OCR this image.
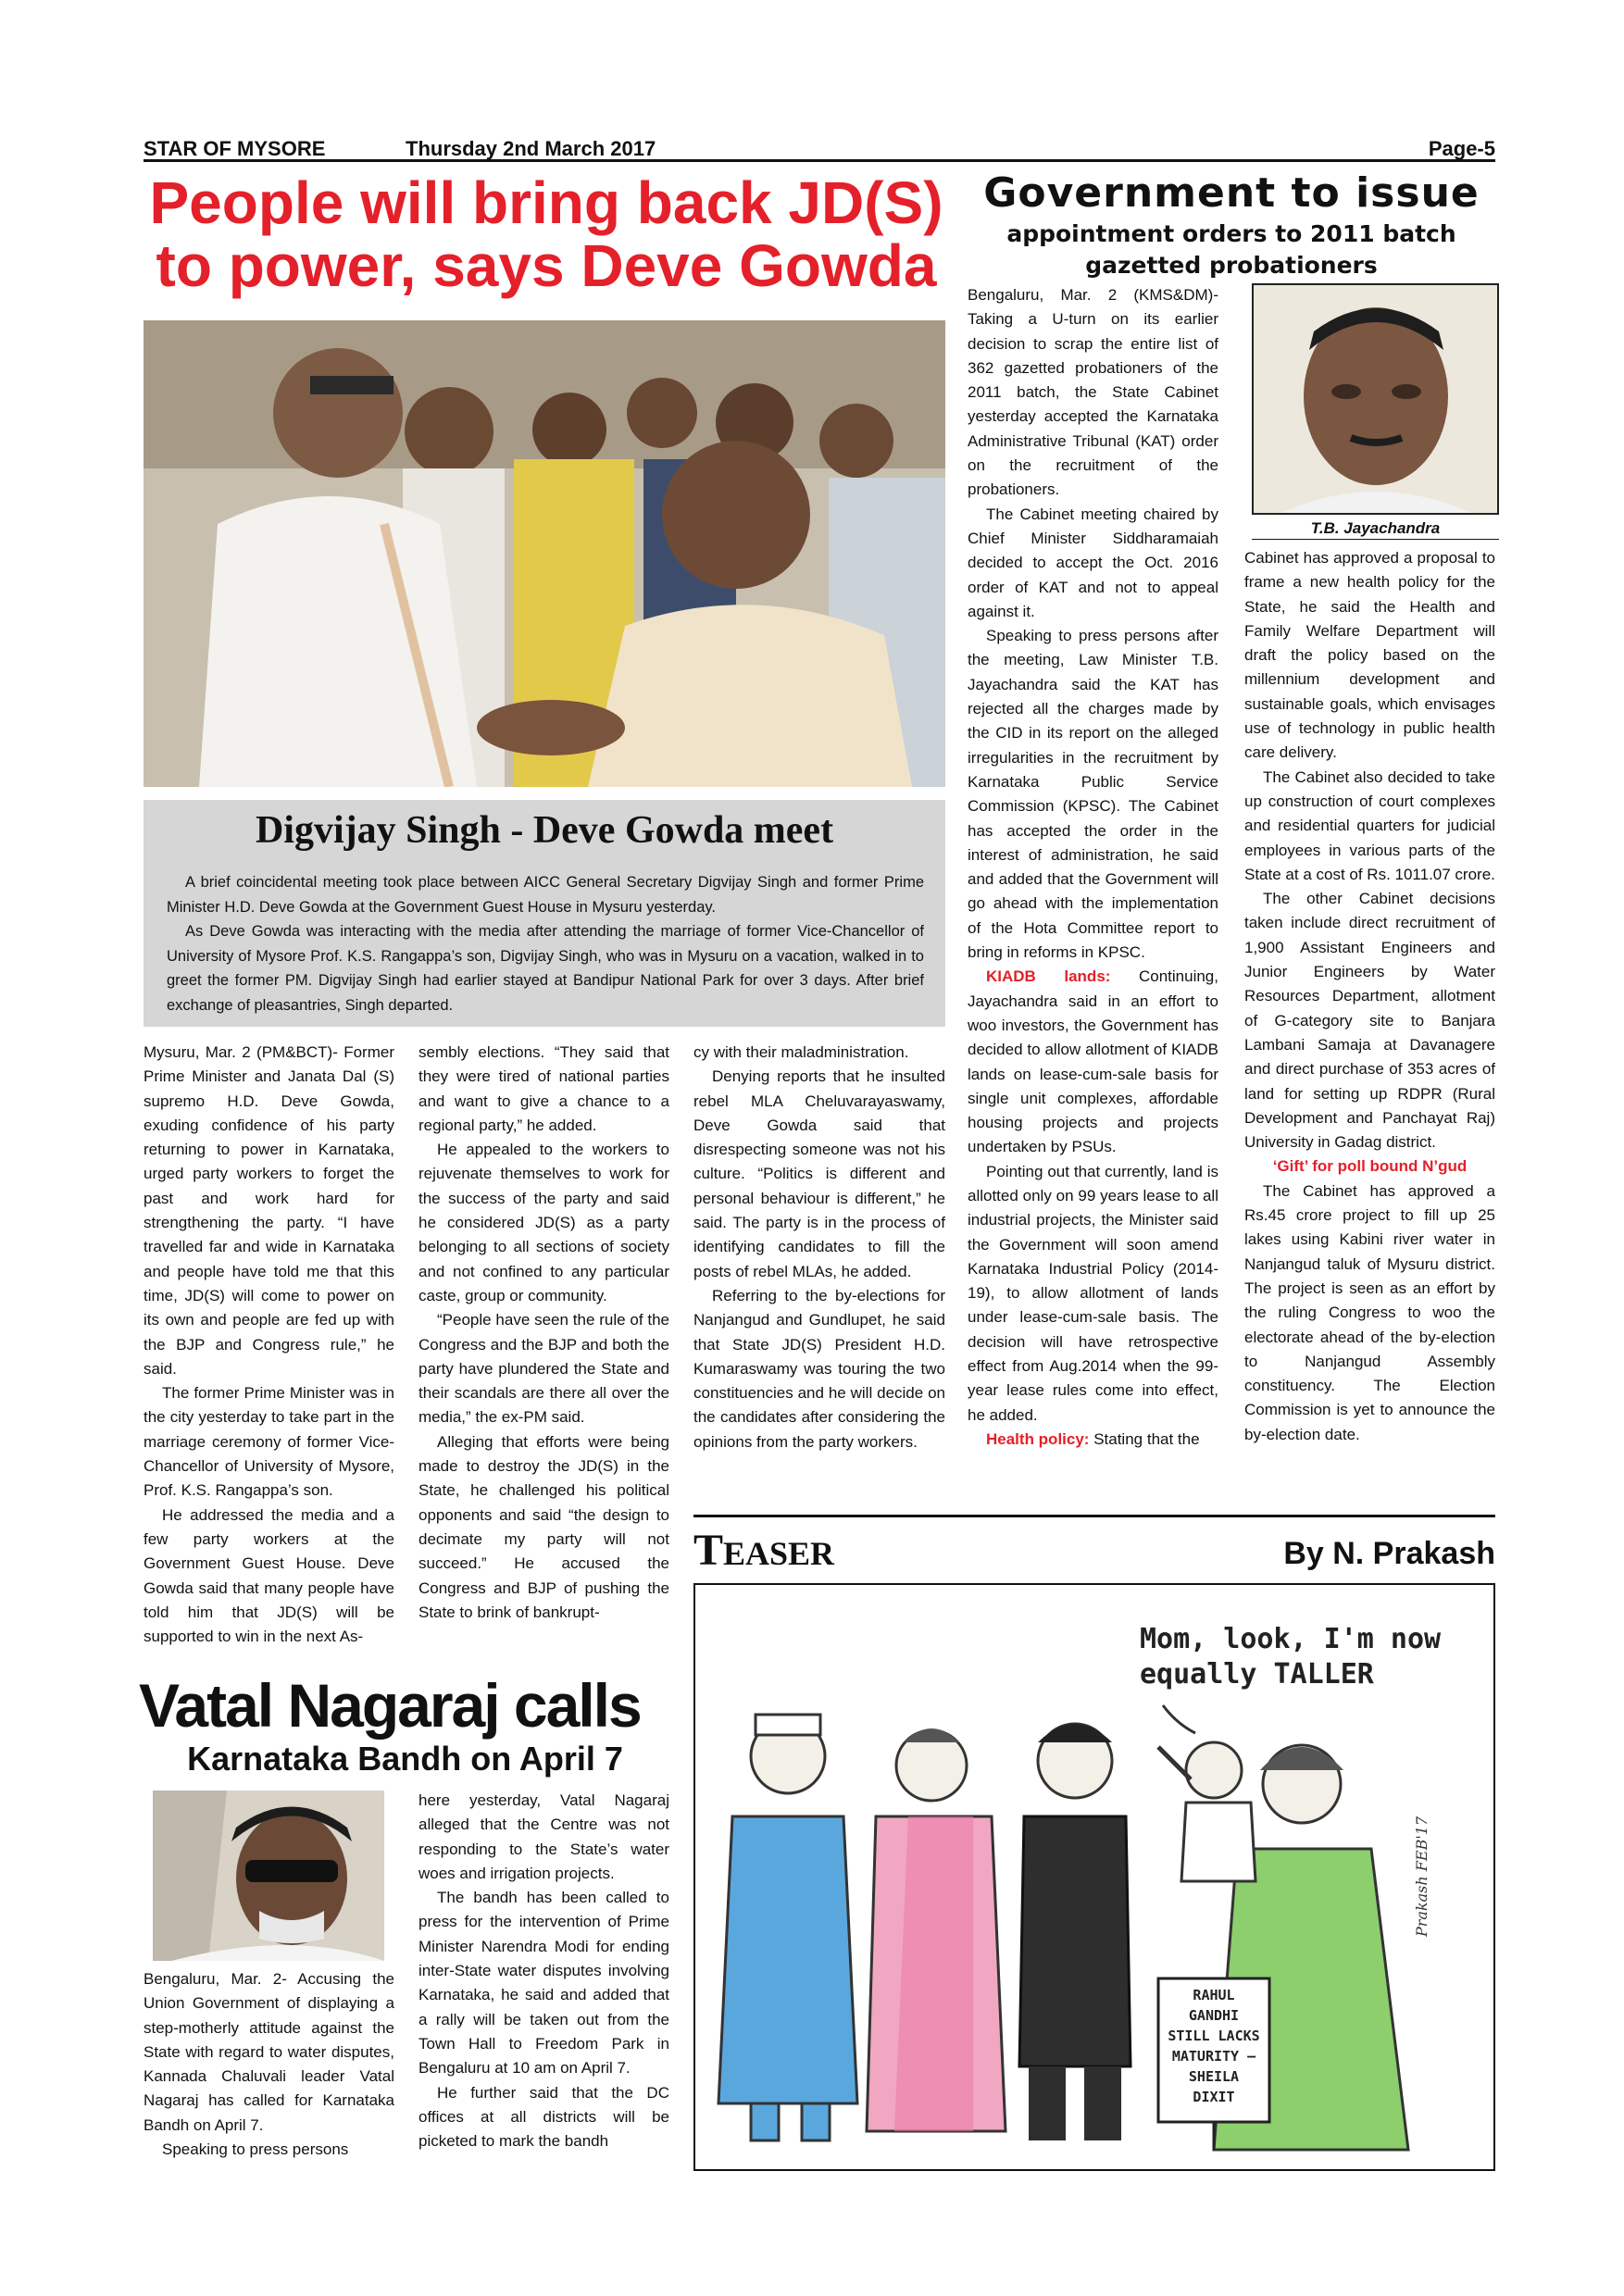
STAR OF MYSORE	Thursday 2nd March 2017	Page-5
People will bring back JD(S)
to power, says Deve Gowda
Digvijay Singh - Deve Gowda meet

A brief coincidental meeting took place between AICC General Secretary Digvijay Singh and former Prime Minister H.D. Deve Gowda at the Government Guest House in Mysuru yesterday.

As Deve Gowda was interacting with the media after attending the marriage of former Vice-Chancellor of University of Mysore Prof. K.S. Rangappa’s son, Digvijay Singh, who was in Mysuru on a vacation, walked in to greet the former PM. Digvijay Singh had earlier stayed at Bandipur National Park for over 3 days. After brief exchange of pleasantries, Singh departed.

Mysuru, Mar. 2 (PM&BCT)- Former Prime Minister and Janata Dal (S) supremo H.D. Deve Gowda, exuding confidence of his party returning to power in Karnataka, urged party workers to forget the past and work hard for strengthening the party. “I have travelled far and wide in Karnataka and people have told me that this time, JD(S) will come to power on its own and people are fed up with the BJP and Congress rule,” he said.

The former Prime Minister was in the city yesterday to take part in the marriage ceremony of former Vice-Chancellor of University of Mysore, Prof. K.S. Rangappa’s son.

He addressed the media and a few party workers at the Government Guest House. Deve Gowda said that many people have told him that JD(S) will be supported to win in the next As-

sembly elections. “They said that they were tired of national parties and want to give a chance to a regional party,” he added.

He appealed to the workers to rejuvenate themselves to work for the success of the party and said he considered JD(S) as a party belonging to all sections of society and not confined to any particular caste, group or community.

“People have seen the rule of the Congress and the BJP and both the party have plundered the State and their scandals are there all over the media,” the ex-PM said.

Alleging that efforts were being made to destroy the JD(S) in the State, he challenged his political opponents and said “the design to decimate my party will not succeed.” He accused the Congress and BJP of pushing the State to brink of bankrupt-

cy with their maladministration.

Denying reports that he insulted rebel MLA Cheluvarayaswamy, Deve Gowda said that disrespecting someone was not his culture. “Politics is different and personal behaviour is different,” he said. The party is in the process of identifying candidates to fill the posts of rebel MLAs, he added.

Referring to the by-elections for Nanjangud and Gundlupet, he said that State JD(S) President H.D. Kumaraswamy was touring the two constituencies and he will decide on the candidates after considering the opinions from the party workers.

Government to issue
appointment orders to 2011 batch gazetted probationers

Bengaluru, Mar. 2 (KMS&DM)- Taking a U-turn on its earlier decision to scrap the entire list of 362 gazetted probationers of the 2011 batch, the State Cabinet yesterday accepted the Karnataka Administrative Tribunal (KAT) order on the recruitment of the probationers.

The Cabinet meeting chaired by Chief Minister Siddharamaiah decided to accept the Oct. 2016 order of KAT and not to appeal against it.

Speaking to press persons after the meeting, Law Minister T.B. Jayachandra said the KAT has rejected all the charges made by the CID in its report on the alleged irregularities in the recruitment by Karnataka Public Service Commission (KPSC). The Cabinet has accepted the order in the interest of administration, he said and added that the Government will go ahead with the implementation of the Hota Committee report to bring in reforms in KPSC.

KIADB lands: Continuing, Jayachandra said in an effort to woo investors, the Government has decided to allow allotment of KIADB lands on lease-cum-sale basis for single unit complexes, affordable housing projects and projects undertaken by PSUs.

Pointing out that currently, land is allotted only on 99 years lease to all industrial projects, the Minister said the Government will soon amend Karnataka Industrial Policy (2014-19), to allow allotment of lands under lease-cum-sale basis. The decision will have retrospective effect from Aug.2014 when the 99-year lease rules come into effect, he added.

Health policy: Stating that the

T.B. Jayachandra

Cabinet has approved a proposal to frame a new health policy for the State, he said the Health and Family Welfare Department will draft the policy based on the millennium development and sustainable goals, which envisages use of technology in public health care delivery.

The Cabinet also decided to take up construction of court complexes and residential quarters for judicial employees in various parts of the State at a cost of Rs. 1011.07 crore.

The other Cabinet decisions taken include direct recruitment of 1,900 Assistant Engineers and Junior Engineers by Water Resources Department, allotment of G-category site to Banjara Lambani Samaja at Davanagere and direct purchase of 353 acres of land for setting up RDPR (Rural Development and Panchayat Raj) University in Gadag district.

‘Gift’ for poll bound N’gud

The Cabinet has approved a Rs.45 crore project to fill up 25 lakes using Kabini river water in Nanjangud taluk of Mysuru district. The project is seen as an effort by the ruling Congress to woo the electorate ahead of the by-election to Nanjangud Assembly constituency. The Election Commission is yet to announce the by-election date.

TEASER	By N. Prakash
Mom, look, I'm now
equally TALLER
RAHUL GANDHI STILL LACKS MATURITY –SHEILA DIXIT
Prakash FEB'17
Vatal Nagaraj calls
Karnataka Bandh on April 7

Bengaluru, Mar. 2- Accusing the Union Government of displaying a step-motherly attitude against the State with regard to water disputes, Kannada Chaluvali leader Vatal Nagaraj has called for Karnataka Bandh on April 7.

Speaking to press persons

here yesterday, Vatal Nagaraj alleged that the Centre was not responding to the State’s water woes and irrigation projects.

The bandh has been called to press for the intervention of Prime Minister Narendra Modi for ending inter-State water disputes involving Karnataka, he said and added that a rally will be taken out from the Town Hall to Freedom Park in Bengaluru at 10 am on April 7.

He further said that the DC offices at all districts will be picketed to mark the bandh
